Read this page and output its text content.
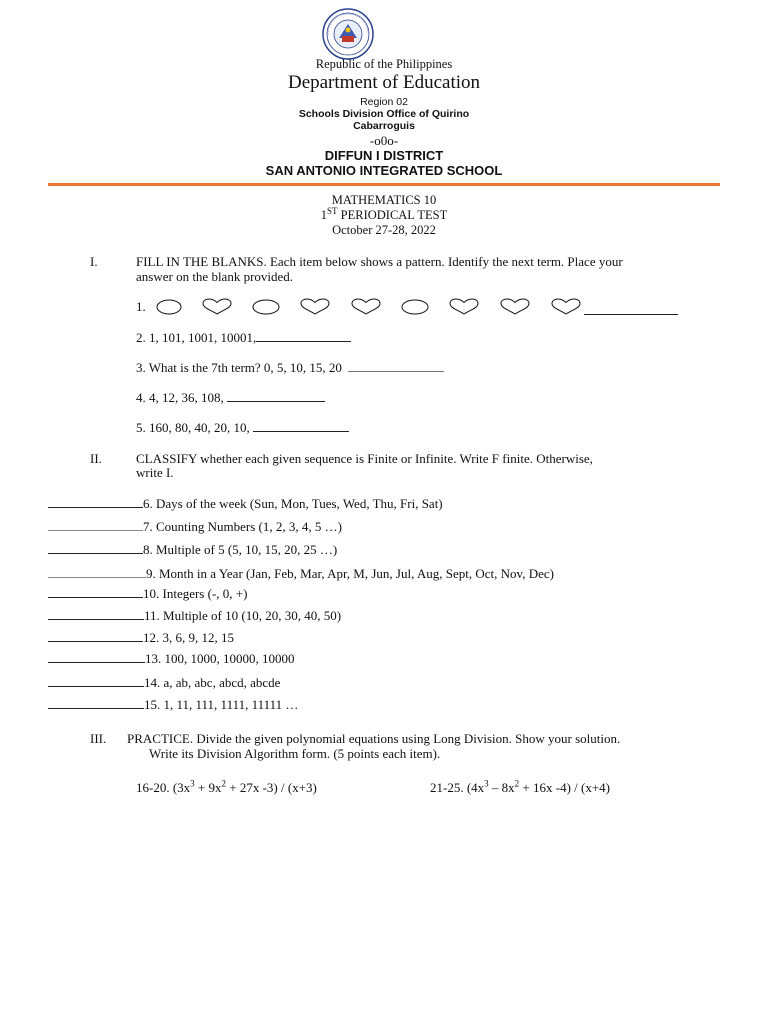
Republic of the Philippines
Department of Education
Region 02
Schools Division Office of Quirino
Cabarroguis
-o0o-
DIFFUN I DISTRICT
SAN ANTONIO INTEGRATED SCHOOL
MATHEMATICS 10
1ST PERIODICAL TEST
October 27-28, 2022
I.	FILL IN THE BLANKS. Each item below shows a pattern. Identify the next term. Place your
answer on the blank provided.
1.
2. 1, 101, 1001, 10001,
3. What is the 7th term? 0, 5, 10, 15, 20
4. 4, 12, 36, 108,
5. 160, 80, 40, 20, 10,
II.	CLASSIFY whether each given sequence is Finite or Infinite. Write F finite. Otherwise,
write I.
6. Days of the week (Sun, Mon, Tues, Wed, Thu, Fri, Sat)
7. Counting Numbers (1, 2, 3, 4, 5 …)
8. Multiple of 5 (5, 10, 15, 20, 25 …)
9. Month in a Year (Jan, Feb, Mar, Apr, M, Jun, Jul, Aug, Sept, Oct, Nov, Dec)
10. Integers (-, 0, +)
11. Multiple of 10 (10, 20, 30, 40, 50)
12. 3, 6, 9, 12, 15
13. 100, 1000, 10000, 10000
14. a, ab, abc, abcd, abcde
15. 1, 11, 111, 1111, 11111 …
III. PRACTICE. Divide the given polynomial equations using Long Division. Show your solution.
Write its Division Algorithm form. (5 points each item).
16-20. ($3x^3 + 9x^2 + 27x$ -3) / (x+3)	21-25. ($4x^3 - 8x^2 + 16x$ -4) / (x+4)
